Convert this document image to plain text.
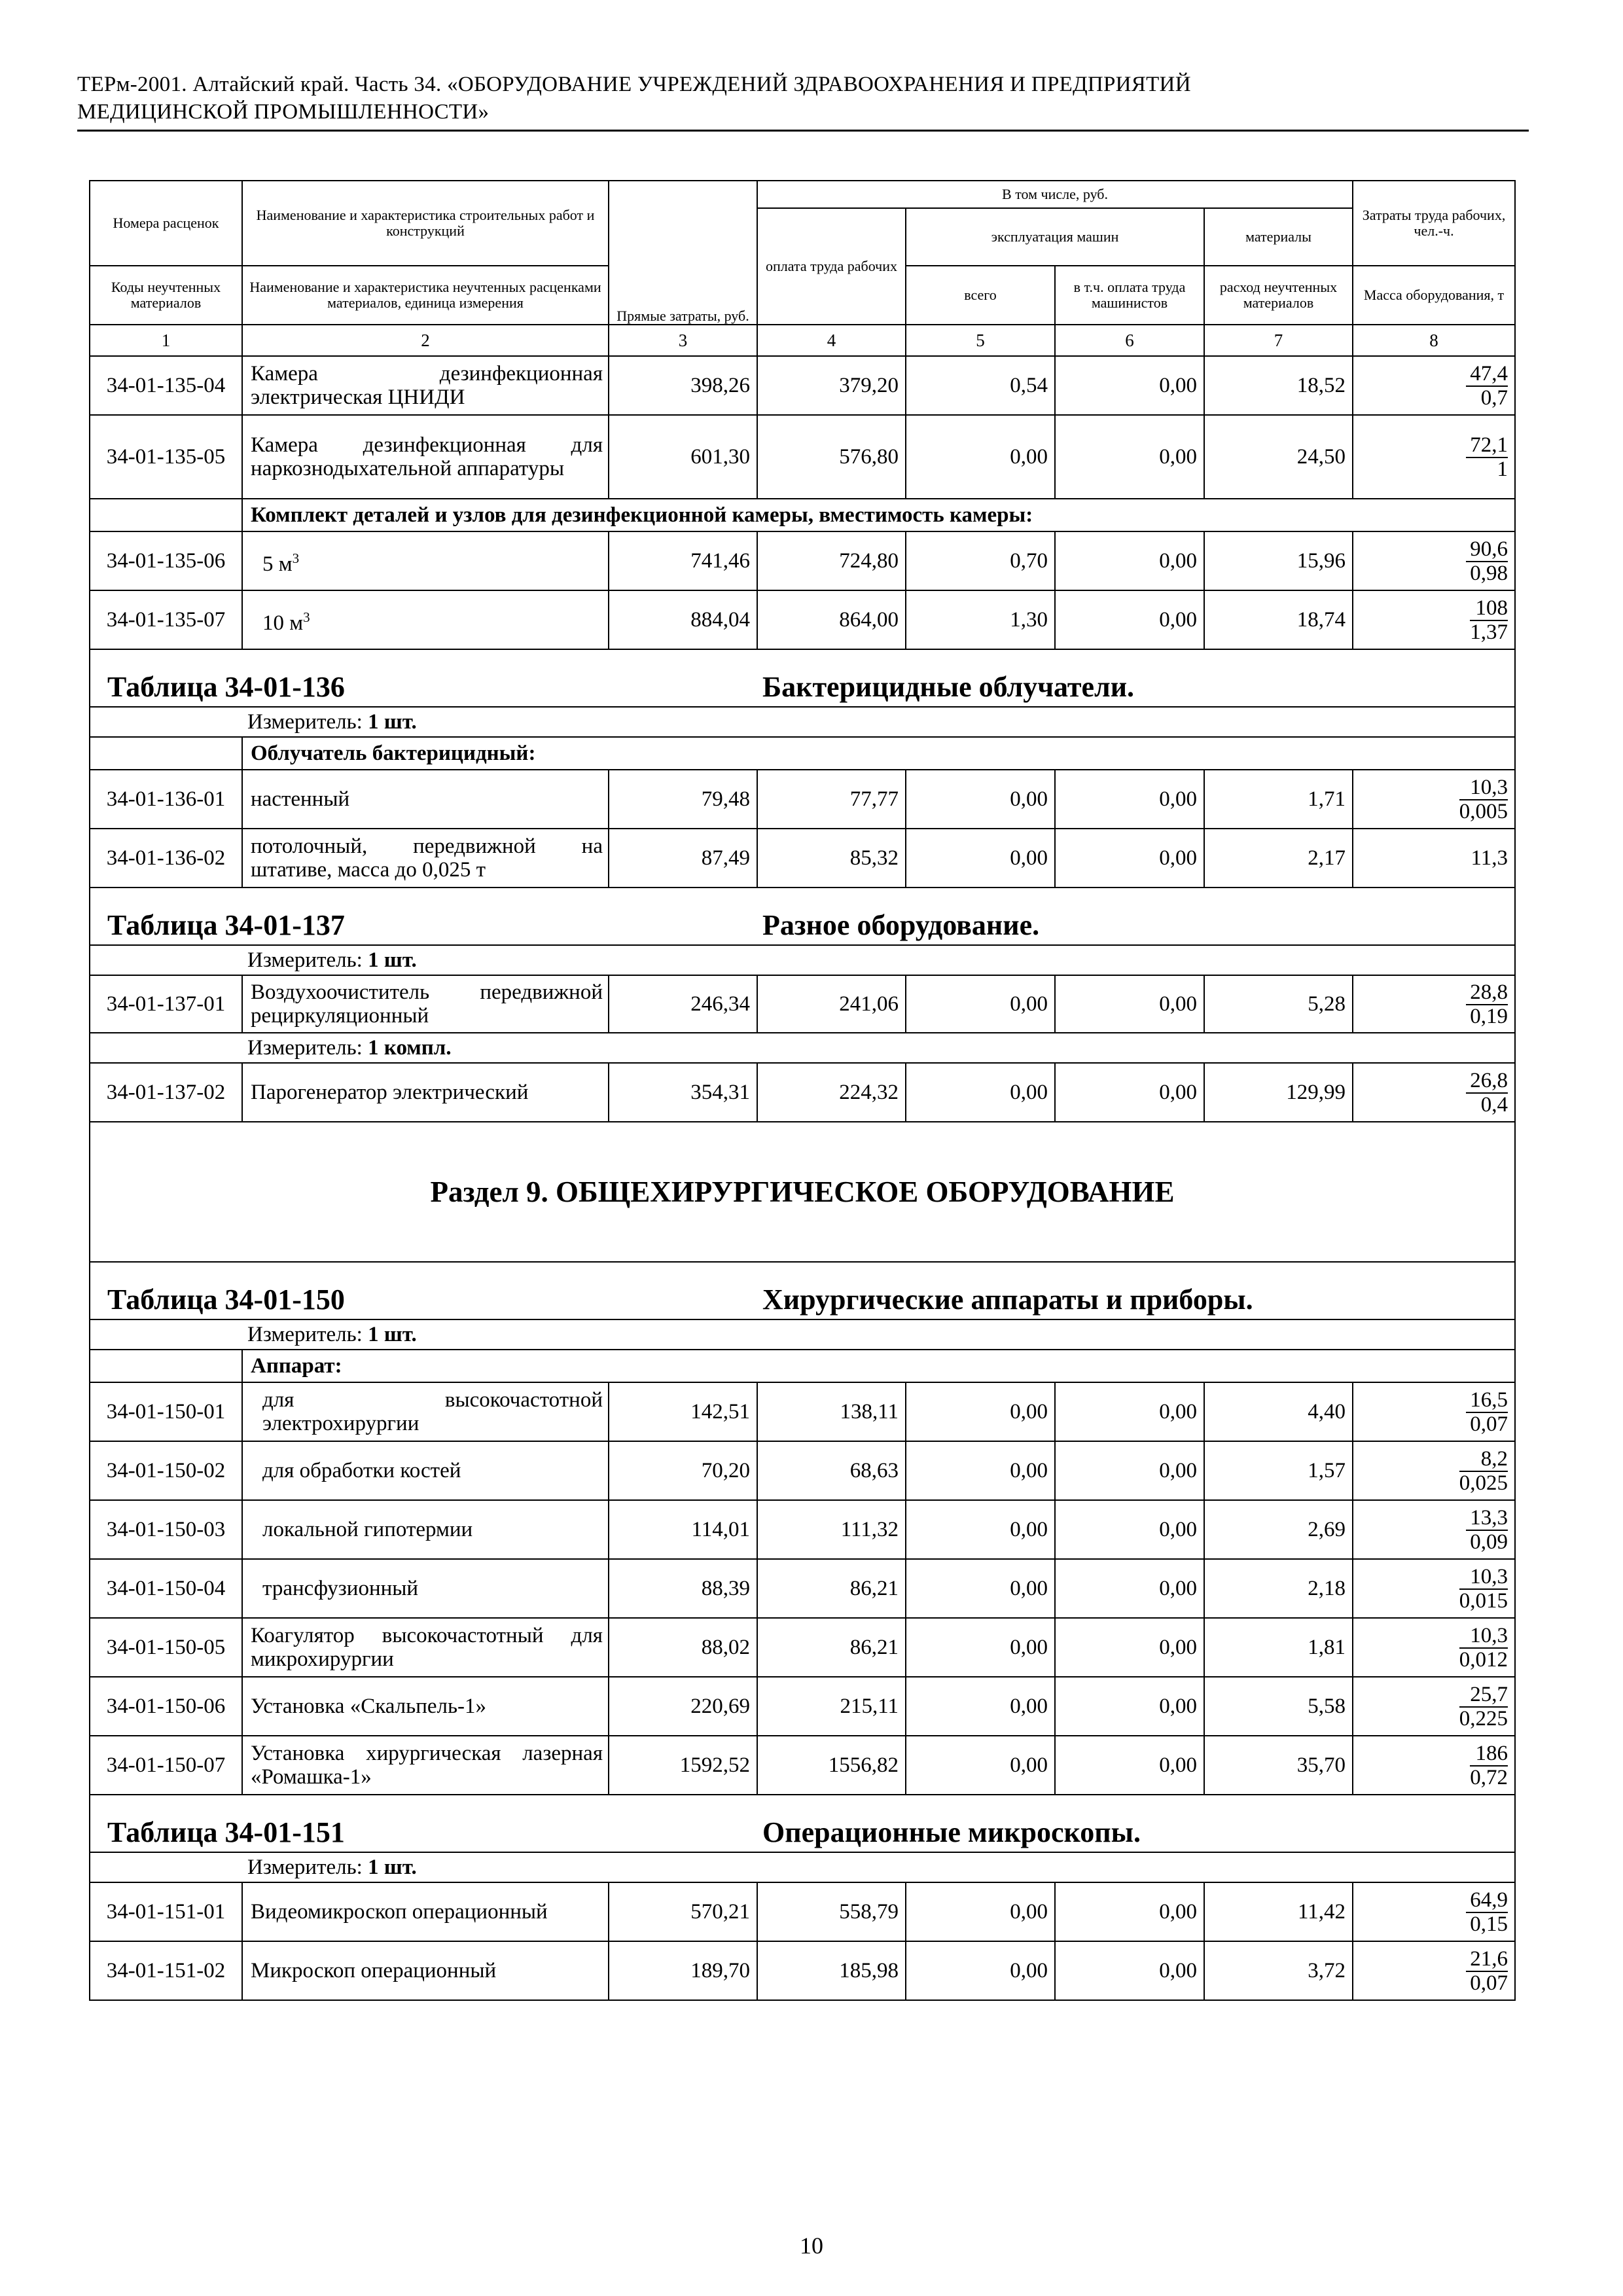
ТЕРм-2001. Алтайский край. Часть 34. «ОБОРУДОВАНИЕ УЧРЕЖДЕНИЙ ЗДРАВООХРАНЕНИЯ И ПРЕДПРИЯТИЙ
МЕДИЦИНСКОЙ ПРОМЫШЛЕННОСТИ»
Номера расценок	Наименование и характеристика строительных работ и конструкций	Прямые затраты, руб.	В том числе, руб.				Затраты труда рабочих, чел.-ч.
			оплата труда рабочих	эксплуатация машин		материалы	
Коды неучтенных материалов	Наименование и характеристика неучтенных расценками материалов, единица измерения			всего	в т.ч. оплата труда машинистов	расход неучтенных материалов	Масса оборудования, т
1	2	3	4	5	6	7	8
34-01-135-04	Камера дезинфекционная электрическая ЦНИДИ	398,26	379,20	0,54	0,00	18,52	$\frac{47,4}{0,7}$

34-01-135-05	Камера дезинфекционная для наркознодыхательной аппаратуры	601,30	576,80	0,00	0,00	24,50	$\frac{72,1}{1}$

	Комплект деталей и узлов для дезинфекционной камеры, вместимость камеры:						
34-01-135-06	5 $м^3$	741,46	724,80	0,70	0,00	15,96	$\frac{90,6}{0,98}$

34-01-135-07	10 $м^3$	884,04	864,00	1,30	0,00	18,74	$\frac{108}{1,37}$

Таблица 34-01-136			Бактерицидные облучатели.				
	Измеритель: 1 шт.						
	Облучатель бактерицидный:						
34-01-136-01	настенный	79,48	77,77	0,00	0,00	1,71	$\frac{10,3}{0,005}$

34-01-136-02	потолочный, передвижной на штативе, масса до 0,025 т	87,49	85,32	0,00	0,00	2,17	11,3
Таблица 34-01-137			Разное оборудование.				
	Измеритель: 1 шт.						
34-01-137-01	Воздухоочиститель передвижной рециркуляционный	246,34	241,06	0,00	0,00	5,28	$\frac{28,8}{0,19}$

	Измеритель: 1 компл.						
34-01-137-02	Парогенератор электрический	354,31	224,32	0,00	0,00	129,99	$\frac{26,8}{0,4}$

Раздел 9. ОБЩЕХИРУРГИЧЕСКОЕ ОБОРУДОВАНИЕ							
Таблица 34-01-150			Хирургические аппараты и приборы.				
	Измеритель: 1 шт.						
	Аппарат:						
34-01-150-01	для высокочастотной электрохирургии	142,51	138,11	0,00	0,00	4,40	$\frac{16,5}{0,07}$

34-01-150-02	для обработки костей	70,20	68,63	0,00	0,00	1,57	$\frac{8,2}{0,025}$

34-01-150-03	локальной гипотермии	114,01	111,32	0,00	0,00	2,69	$\frac{13,3}{0,09}$

34-01-150-04	трансфузионный	88,39	86,21	0,00	0,00	2,18	$\frac{10,3}{0,015}$

34-01-150-05	Коагулятор высокочастотный для микрохирургии	88,02	86,21	0,00	0,00	1,81	$\frac{10,3}{0,012}$

34-01-150-06	Установка «Скальпель-1»	220,69	215,11	0,00	0,00	5,58	$\frac{25,7}{0,225}$

34-01-150-07	Установка хирургическая лазерная «Ромашка-1»	1592,52	1556,82	0,00	0,00	35,70	$\frac{186}{0,72}$

Таблица 34-01-151			Операционные микроскопы.				
	Измеритель: 1 шт.						
34-01-151-01	Видеомикроскоп операционный	570,21	558,79	0,00	0,00	11,42	$\frac{64,9}{0,15}$

34-01-151-02	Микроскоп операционный	189,70	185,98	0,00	0,00	3,72	$\frac{21,6}{0,07}$
10
